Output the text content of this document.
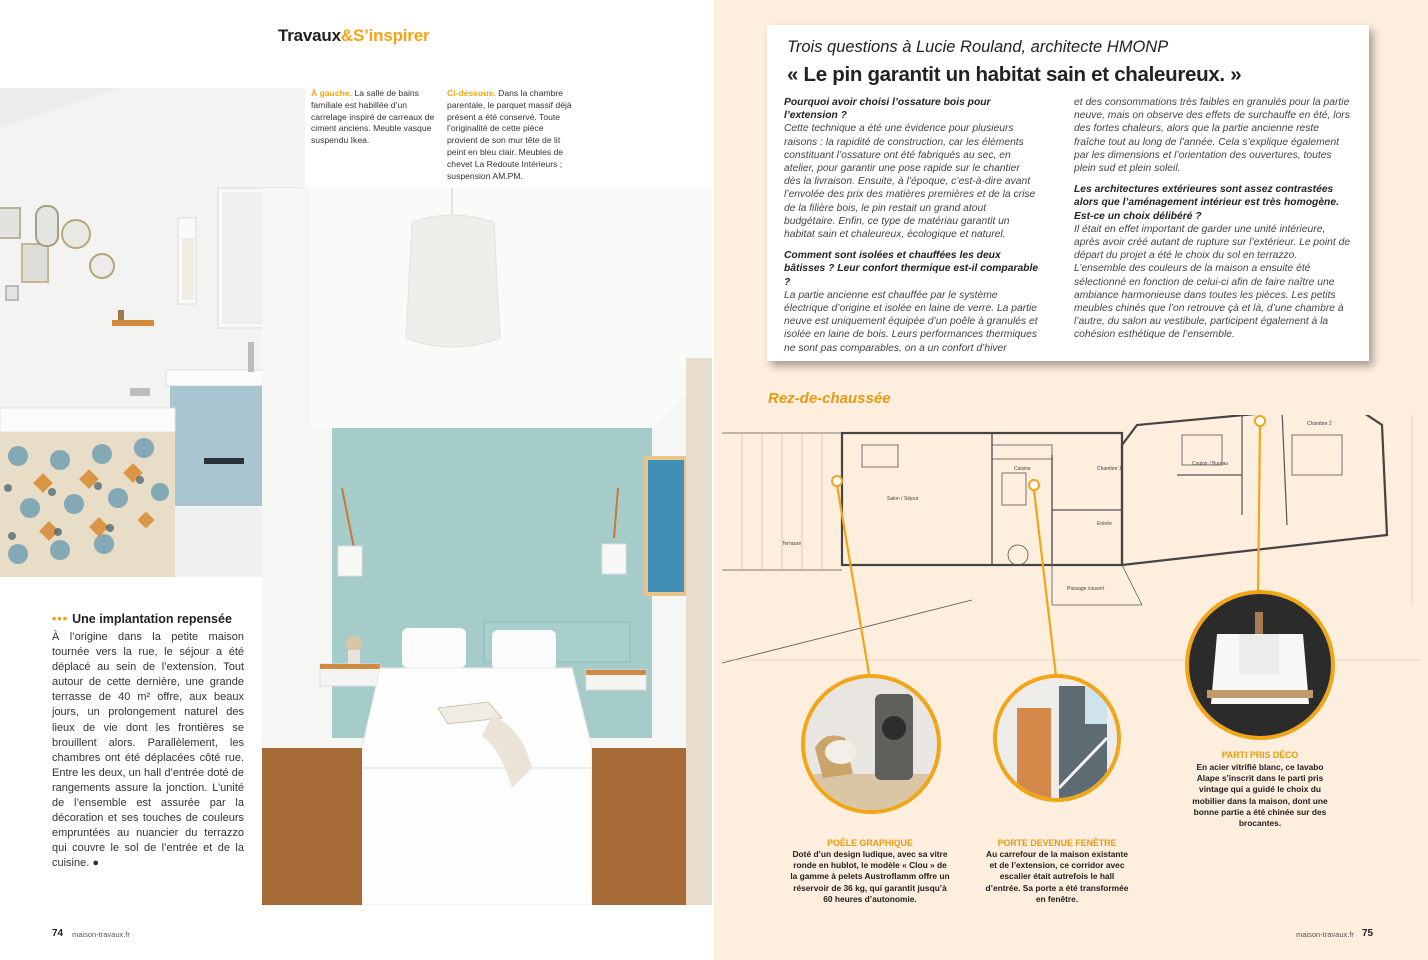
Travaux&S’inspirer
À gauche. La salle de bains familiale est habillée d’un carrelage inspiré de carreaux de ciment anciens. Meuble vasque suspendu Ikea.
Ci-dessous. Dans la chambre parentale, le parquet massif déjà présent a été conservé. Toute l’originalité de cette pièce provient de son mur tête de lit peint en bleu clair. Meubles de chevet La Redoute Intérieurs ; suspension AM.PM.
••• Une implantation repensée
À l’origine dans la petite maison tournée vers la rue, le séjour a été déplacé au sein de l’extension. Tout autour de cette dernière, une grande terrasse de 40 m² offre, aux beaux jours, un prolongement naturel des lieux de vie dont les frontières se brouillent alors. Parallèlement, les chambres ont été déplacées côté rue. Entre les deux, un hall d’entrée doté de rangements assure la jonction. L’unité de l’ensemble est assurée par la décoration et ses touches de couleurs empruntées au nuancier du terrazzo qui couvre le sol de l’entrée et de la cuisine. ●
74 maison-travaux.fr
Trois questions à Lucie Rouland, architecte HMONP
« Le pin garantit un habitat sain et chaleureux. »

Pourquoi avoir choisi l’ossature bois pour l’extension ?
Cette technique a été une évidence pour plusieurs raisons : la rapidité de construction, car les éléments constituant l’ossature ont été fabriqués au sec, en atelier, pour garantir une pose rapide sur le chantier dès la livraison. Ensuite, à l’époque, c’est-à-dire avant l’envolée des prix des matières premières et de la crise de la filière bois, le pin restait un grand atout budgétaire. Enfin, ce type de matériau garantit un habitat sain et chaleureux, écologique et naturel.

Comment sont isolées et chauffées les deux bâtisses ? Leur confort thermique est-il comparable ?
La partie ancienne est chauffée par le système électrique d’origine et isolée en laine de verre. La partie neuve est uniquement équipée d’un poêle à granulés et isolée en laine de bois. Leurs performances thermiques ne sont pas comparables, on a un confort d’hiver

et des consommations très faibles en granulés pour la partie neuve, mais on observe des effets de surchauffe en été, lors des fortes chaleurs, alors que la partie ancienne reste fraîche tout au long de l’année. Cela s’explique également par les dimensions et l’orientation des ouvertures, toutes plein sud et plein soleil.

Les architectures extérieures sont assez contrastées alors que l’aménagement intérieur est très homogène. Est-ce un choix délibéré ?
Il était en effet important de garder une unité intérieure, après avoir créé autant de rupture sur l’extérieur. Le point de départ du projet a été le choix du sol en terrazzo. L’ensemble des couleurs de la maison a ensuite été sélectionné en fonction de celui-ci afin de faire naître une ambiance harmonieuse dans toutes les pièces. Les petits meubles chinés que l’on retrouve çà et là, d’une chambre à l’autre, du salon au vestibule, participent également à la cohésion esthétique de l’ensemble.

Rez-de-chaussée
Salon / Séjour
Cuisine	Chambre 1
Entrée
Terrasse
Passage couvert
Couloir / Bureau
Chambre 2
POÊLE GRAPHIQUE
Doté d’un design ludique, avec sa vitre ronde en hublot, le modèle « Clou » de la gamme à pelets Austroflamm offre un réservoir de 36 kg, qui garantit jusqu’à 60 heures d’autonomie.
PORTE DEVENUE FENÊTRE
Au carrefour de la maison existante et de l’extension, ce corridor avec escalier était autrefois le hall d’entrée. Sa porte a été transformée en fenêtre.
PARTI PRIS DÉCO
En acier vitrifié blanc, ce lavabo Alape s’inscrit dans le parti pris vintage qui a guidé le choix du mobilier dans la maison, dont une bonne partie a été chinée sur des brocantes.
maison-travaux.fr 75
